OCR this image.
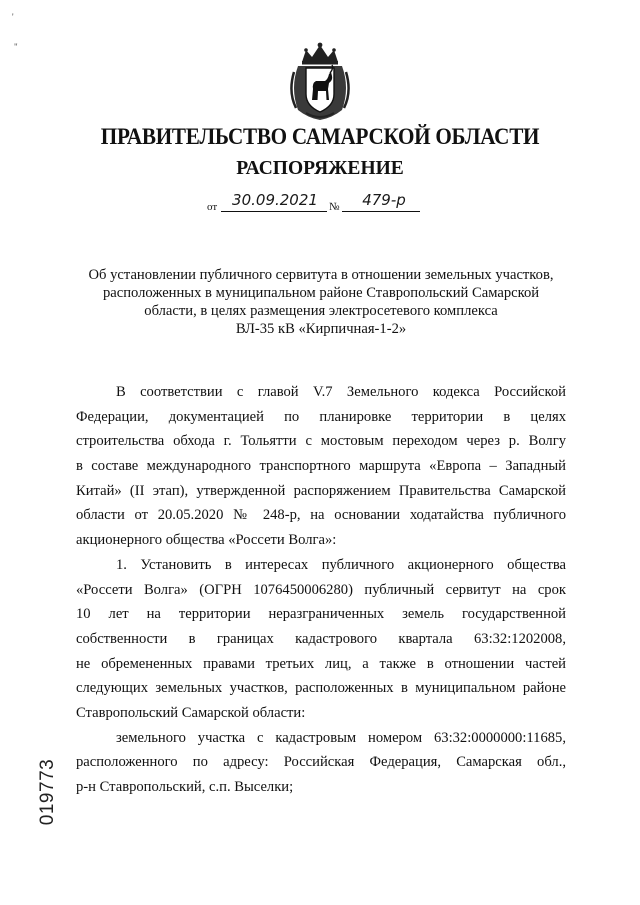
'
"
ПРАВИТЕЛЬСТВО САМАРСКОЙ ОБЛАСТИ
РАСПОРЯЖЕНИЕ
от 30.09.2021	№	479-р
Об установлении публичного сервитута в отношении земельных участков,
расположенных в муниципальном районе Ставропольский Самарской
области, в целях размещения электросетевого комплекса
ВЛ-35 кВ «Кирпичная-1-2»
В соответствии с главой V.7 Земельного кодекса Российской
Федерации, документацией по планировке территории в целях
строительства обхода г. Тольятти с мостовым переходом через р. Волгу
в составе международного транспортного маршрута «Европа – Западный
Китай» (II этап), утвержденной распоряжением Правительства Самарской
области от 20.05.2020 № 248-р, на основании ходатайства публичного
акционерного общества «Россети Волга»:
1. Установить в интересах публичного акционерного общества
«Россети Волга» (ОГРН 1076450006280) публичный сервитут на срок
10 лет на территории неразграниченных земель государственной
собственности в границах кадастрового квартала 63:32:1202008,
не обремененных правами третьих лиц, а также в отношении частей
следующих земельных участков, расположенных в муниципальном районе
Ставропольский Самарской области:
земельного участка с кадастровым номером 63:32:0000000:11685,
расположенного по адресу: Российская Федерация, Самарская обл.,
р-н Ставропольский, с.п. Выселки;
019773
